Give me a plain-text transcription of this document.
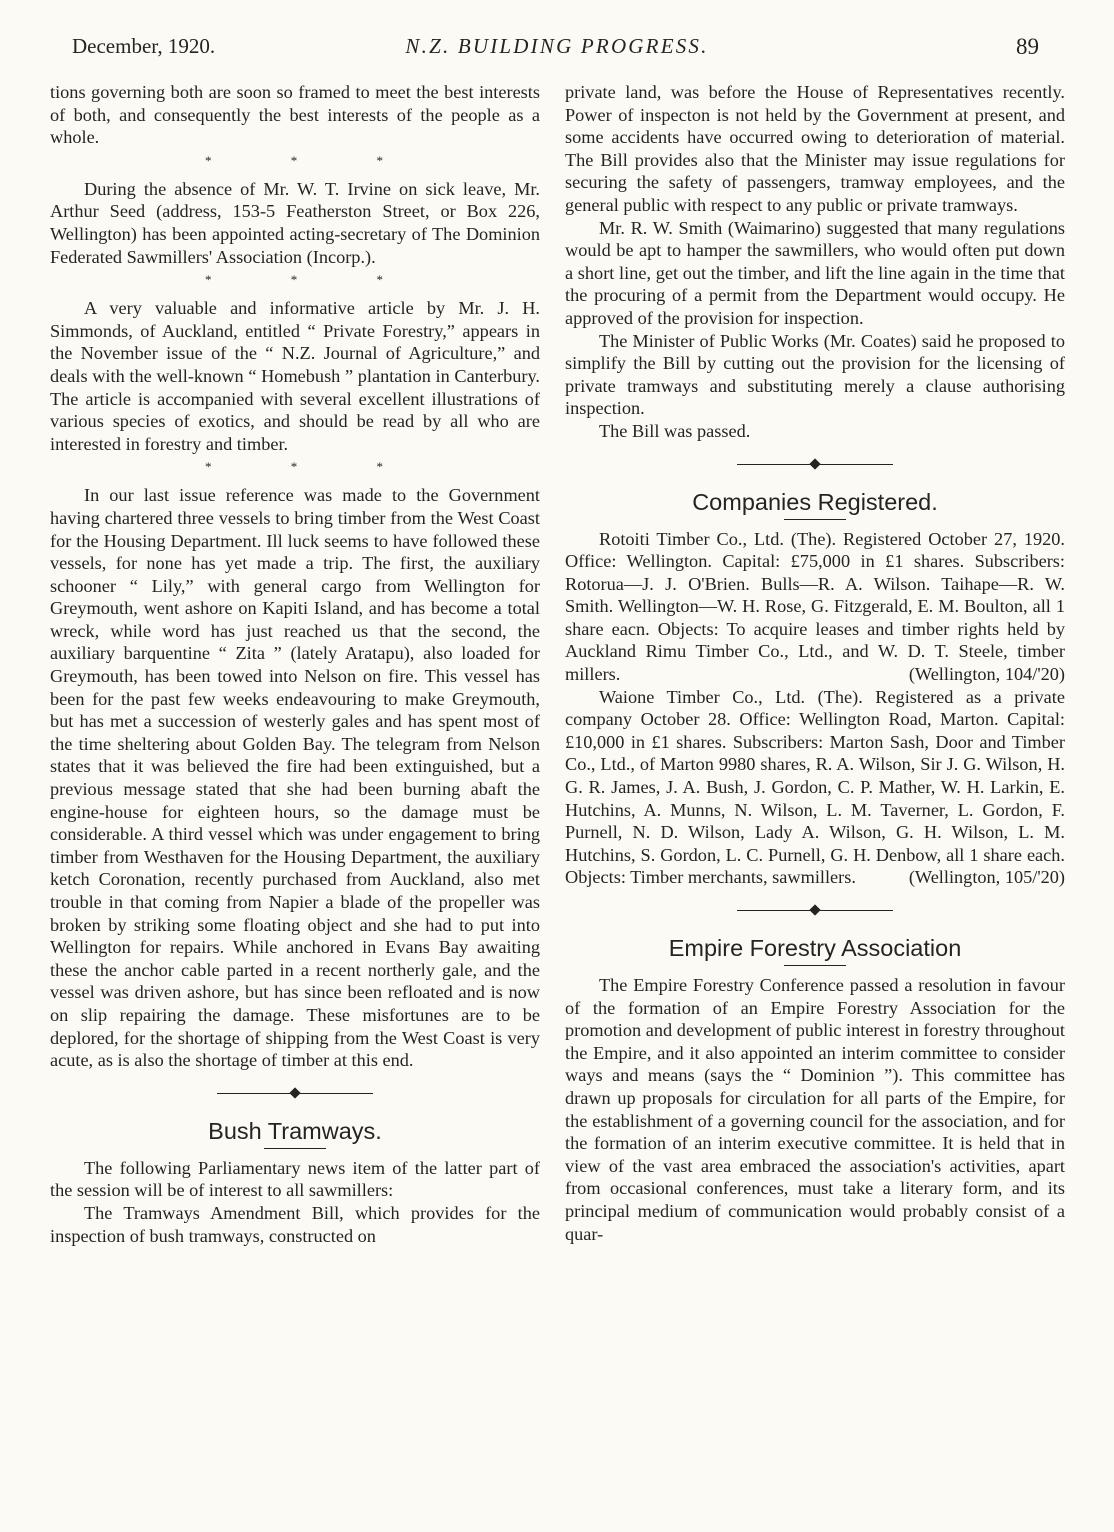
December, 1920.	N.Z. BUILDING PROGRESS.	89

tions governing both are soon so framed to meet the best interests of both, and consequently the best interests of the people as a whole.

* * *

During the absence of Mr. W. T. Irvine on sick leave, Mr. Arthur Seed (address, 153-5 Featherston Street, or Box 226, Wellington) has been appointed acting-secretary of The Dominion Federated Sawmillers' Association (Incorp.).

* * *

A very valuable and informative article by Mr. J. H. Simmonds, of Auckland, entitled “ Private Forestry,” appears in the November issue of the “ N.Z. Journal of Agriculture,” and deals with the well-known “ Homebush ” plantation in Canterbury. The article is accompanied with several excellent illustrations of various species of exotics, and should be read by all who are interested in forestry and timber.

* * *

In our last issue reference was made to the Government having chartered three vessels to bring timber from the West Coast for the Housing Department. Ill luck seems to have followed these vessels, for none has yet made a trip. The first, the auxiliary schooner “ Lily,” with general cargo from Wellington for Greymouth, went ashore on Kapiti Island, and has become a total wreck, while word has just reached us that the second, the auxiliary barquentine “ Zita ” (lately Aratapu), also loaded for Greymouth, has been towed into Nelson on fire. This vessel has been for the past few weeks endeavouring to make Greymouth, but has met a succession of westerly gales and has spent most of the time sheltering about Golden Bay. The telegram from Nelson states that it was believed the fire had been extinguished, but a previous message stated that she had been burning abaft the engine-house for eighteen hours, so the damage must be considerable. A third vessel which was under engagement to bring timber from Westhaven for the Housing Department, the auxiliary ketch Coronation, recently purchased from Auckland, also met trouble in that coming from Napier a blade of the propeller was broken by striking some floating object and she had to put into Wellington for repairs. While anchored in Evans Bay awaiting these the anchor cable parted in a recent northerly gale, and the vessel was driven ashore, but has since been refloated and is now on slip repairing the damage. These misfortunes are to be deplored, for the shortage of shipping from the West Coast is very acute, as is also the shortage of timber at this end.

Bush Tramways.

The following Parliamentary news item of the latter part of the session will be of interest to all sawmillers:

The Tramways Amendment Bill, which provides for the inspection of bush tramways, constructed on

private land, was before the House of Representatives recently. Power of inspecton is not held by the Government at present, and some accidents have occurred owing to deterioration of material. The Bill provides also that the Minister may issue regulations for securing the safety of passengers, tramway employees, and the general public with respect to any public or private tramways.

Mr. R. W. Smith (Waimarino) suggested that many regulations would be apt to hamper the sawmillers, who would often put down a short line, get out the timber, and lift the line again in the time that the procuring of a permit from the Department would occupy. He approved of the provision for inspection.

The Minister of Public Works (Mr. Coates) said he proposed to simplify the Bill by cutting out the provision for the licensing of private tramways and substituting merely a clause authorising inspection.

The Bill was passed.

Companies Registered.

Rotoiti Timber Co., Ltd. (The). Registered October 27, 1920. Office: Wellington. Capital: £75,000 in £1 shares. Subscribers: Rotorua—J. J. O'Brien. Bulls—R. A. Wilson. Taihape—R. W. Smith. Wellington—W. H. Rose, G. Fitzgerald, E. M. Boulton, all 1 share eacn. Objects: To acquire leases and timber rights held by Auckland Rimu Timber Co., Ltd., and W. D. T. Steele, timber millers.	(Wellington, 104/'20)

Waione Timber Co., Ltd. (The). Registered as a private company October 28. Office: Wellington Road, Marton. Capital: £10,000 in £1 shares. Subscribers: Marton Sash, Door and Timber Co., Ltd., of Marton 9980 shares, R. A. Wilson, Sir J. G. Wilson, H. G. R. James, J. A. Bush, J. Gordon, C. P. Mather, W. H. Larkin, E. Hutchins, A. Munns, N. Wilson, L. M. Taverner, L. Gordon, F. Purnell, N. D. Wilson, Lady A. Wilson, G. H. Wilson, L. M. Hutchins, S. Gordon, L. C. Purnell, G. H. Denbow, all 1 share each. Objects: Timber merchants, sawmillers.	(Wellington, 105/'20)

Empire Forestry Association

The Empire Forestry Conference passed a resolution in favour of the formation of an Empire Forestry Association for the promotion and development of public interest in forestry throughout the Empire, and it also appointed an interim committee to consider ways and means (says the “ Dominion ”). This committee has drawn up proposals for circulation for all parts of the Empire, for the establishment of a governing council for the association, and for the formation of an interim executive committee. It is held that in view of the vast area embraced the association's activities, apart from occasional conferences, must take a literary form, and its principal medium of communication would probably consist of a quar-
